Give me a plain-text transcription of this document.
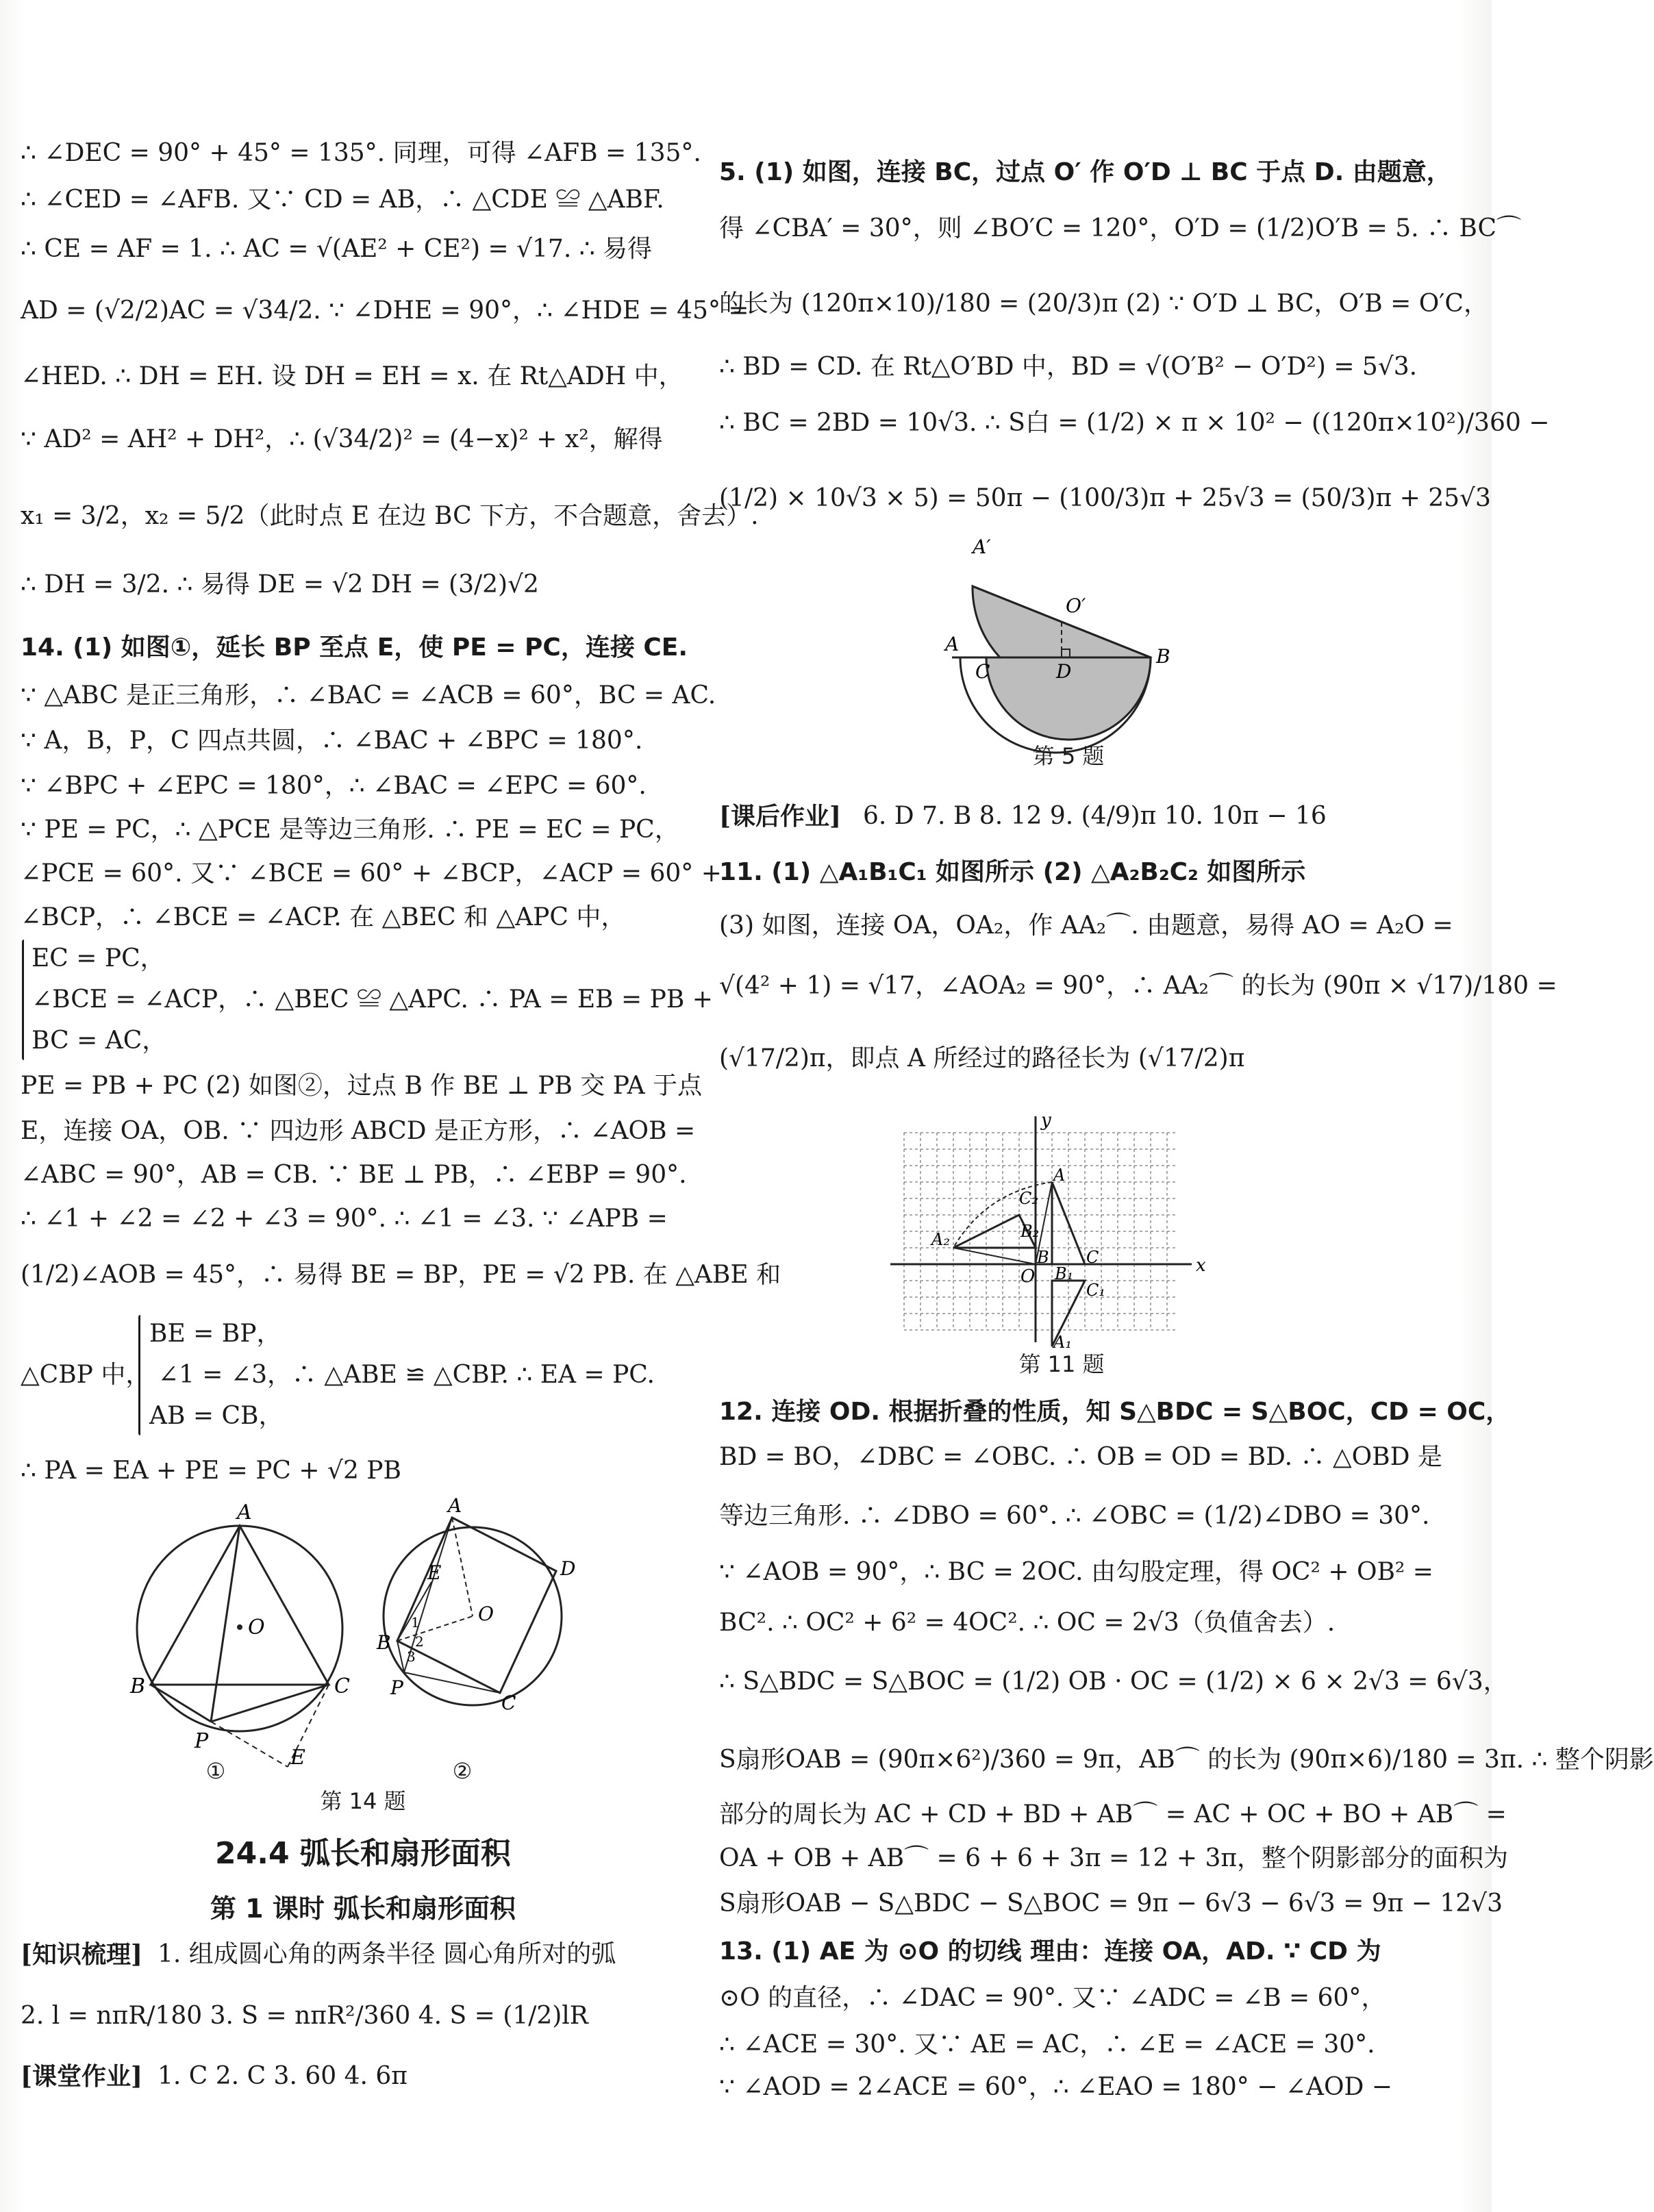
∴ ∠DEC = 90° + 45° = 135°. 同理，可得 ∠AFB = 135°.
∴ ∠CED = ∠AFB. 又∵ CD = AB，∴ △CDE ≌ △ABF.
∴ CE = AF = 1. ∴ AC = √(AE² + CE²) = √17. ∴ 易得
AD = (√2/2)AC = √34/2. ∵ ∠DHE = 90°，∴ ∠HDE = 45° =
∠HED. ∴ DH = EH. 设 DH = EH = x. 在 Rt△ADH 中，
∵ AD² = AH² + DH²，∴ (√34/2)² = (4−x)² + x²，解得
x₁ = 3/2，x₂ = 5/2（此时点 E 在边 BC 下方，不合题意，舍去）.
∴ DH = 3/2. ∴ 易得 DE = √2 DH = (3/2)√2
14. (1) 如图①，延长 BP 至点 E，使 PE = PC，连接 CE.
∵ △ABC 是正三角形，∴ ∠BAC = ∠ACB = 60°，BC = AC.
∵ A，B，P，C 四点共圆，∴ ∠BAC + ∠BPC = 180°.
∵ ∠BPC + ∠EPC = 180°，∴ ∠BAC = ∠EPC = 60°.
∵ PE = PC，∴ △PCE 是等边三角形. ∴ PE = EC = PC，
∠PCE = 60°. 又∵ ∠BCE = 60° + ∠BCP，∠ACP = 60° +
∠BCP，∴ ∠BCE = ∠ACP. 在 △BEC 和 △APC 中，
EC = PC，
∠BCE = ∠ACP，∴ △BEC ≌ △APC. ∴ PA = EB = PB +
BC = AC，
PE = PB + PC (2) 如图②，过点 B 作 BE ⊥ PB 交 PA 于点
E，连接 OA，OB. ∵ 四边形 ABCD 是正方形，∴ ∠AOB =
∠ABC = 90°，AB = CB. ∵ BE ⊥ PB，∴ ∠EBP = 90°.
∴ ∠1 + ∠2 = ∠2 + ∠3 = 90°. ∴ ∠1 = ∠3. ∵ ∠APB =
(1/2)∠AOB = 45°，∴ 易得 BE = BP，PE = √2 PB. 在 △ABE 和
BE = BP，
△CBP 中， ∠1 = ∠3，∴ △ABE ≌ △CBP. ∴ EA = PC.
AB = CB，
∴ PA = EA + PE = PC + √2 PB
A
O
B	C
P
E
①
A
O
B
C
D
P
E
1
2
3
②
第 14 题
24.4 弧长和扇形面积
第 1 课时 弧长和扇形面积
[知识梳理] 1. 组成圆心角的两条半径 圆心角所对的弧
2. l = nπR/180 3. S = nπR²/360 4. S = (1/2)lR
[课堂作业] 1. C 2. C 3. 60 4. 6π
5. (1) 如图，连接 BC，过点 O′ 作 O′D ⊥ BC 于点 D. 由题意，
得 ∠CBA′ = 30°，则 ∠BO′C = 120°，O′D = (1/2)O′B = 5. ∴ BC⌒
的长为 (120π×10)/180 = (20/3)π (2) ∵ O′D ⊥ BC，O′B = O′C，
∴ BD = CD. 在 Rt△O′BD 中，BD = √(O′B² − O′D²) = 5√3.
∴ BC = 2BD = 10√3. ∴ S白 = (1/2) × π × 10² − ((120π×10²)/360 −
(1/2) × 10√3 × 5) = 50π − (100/3)π + 25√3 = (50/3)π + 25√3
A′
O′
A
C	D
B
第 5 题
[课后作业] 6. D 7. B 8. 12 9. (4/9)π 10. 10π − 16
11. (1) △A₁B₁C₁ 如图所示 (2) △A₂B₂C₂ 如图所示
(3) 如图，连接 OA，OA₂，作 AA₂⌒. 由题意，易得 AO = A₂O =
√(4² + 1) = √17，∠AOA₂ = 90°，∴ AA₂⌒ 的长为 (90π × √17)/180 =
(√17/2)π，即点 A 所经过的路径长为 (√17/2)π
y
x
O
A
B C
A₁
B₁
C₁
A₂	B₂
C₂
第 11 题
12. 连接 OD. 根据折叠的性质，知 S△BDC = S△BOC，CD = OC，
BD = BO，∠DBC = ∠OBC. ∴ OB = OD = BD. ∴ △OBD 是
等边三角形. ∴ ∠DBO = 60°. ∴ ∠OBC = (1/2)∠DBO = 30°.
∵ ∠AOB = 90°，∴ BC = 2OC. 由勾股定理，得 OC² + OB² =
BC². ∴ OC² + 6² = 4OC². ∴ OC = 2√3（负值舍去）.
∴ S△BDC = S△BOC = (1/2) OB · OC = (1/2) × 6 × 2√3 = 6√3，
S扇形OAB = (90π×6²)/360 = 9π，AB⌒ 的长为 (90π×6)/180 = 3π. ∴ 整个阴影
部分的周长为 AC + CD + BD + AB⌒ = AC + OC + BO + AB⌒ =
OA + OB + AB⌒ = 6 + 6 + 3π = 12 + 3π，整个阴影部分的面积为
S扇形OAB − S△BDC − S△BOC = 9π − 6√3 − 6√3 = 9π − 12√3
13. (1) AE 为 ⊙O 的切线 理由：连接 OA，AD. ∵ CD 为
⊙O 的直径，∴ ∠DAC = 90°. 又∵ ∠ADC = ∠B = 60°，
∴ ∠ACE = 30°. 又∵ AE = AC，∴ ∠E = ∠ACE = 30°.
∵ ∠AOD = 2∠ACE = 60°，∴ ∠EAO = 180° − ∠AOD −
